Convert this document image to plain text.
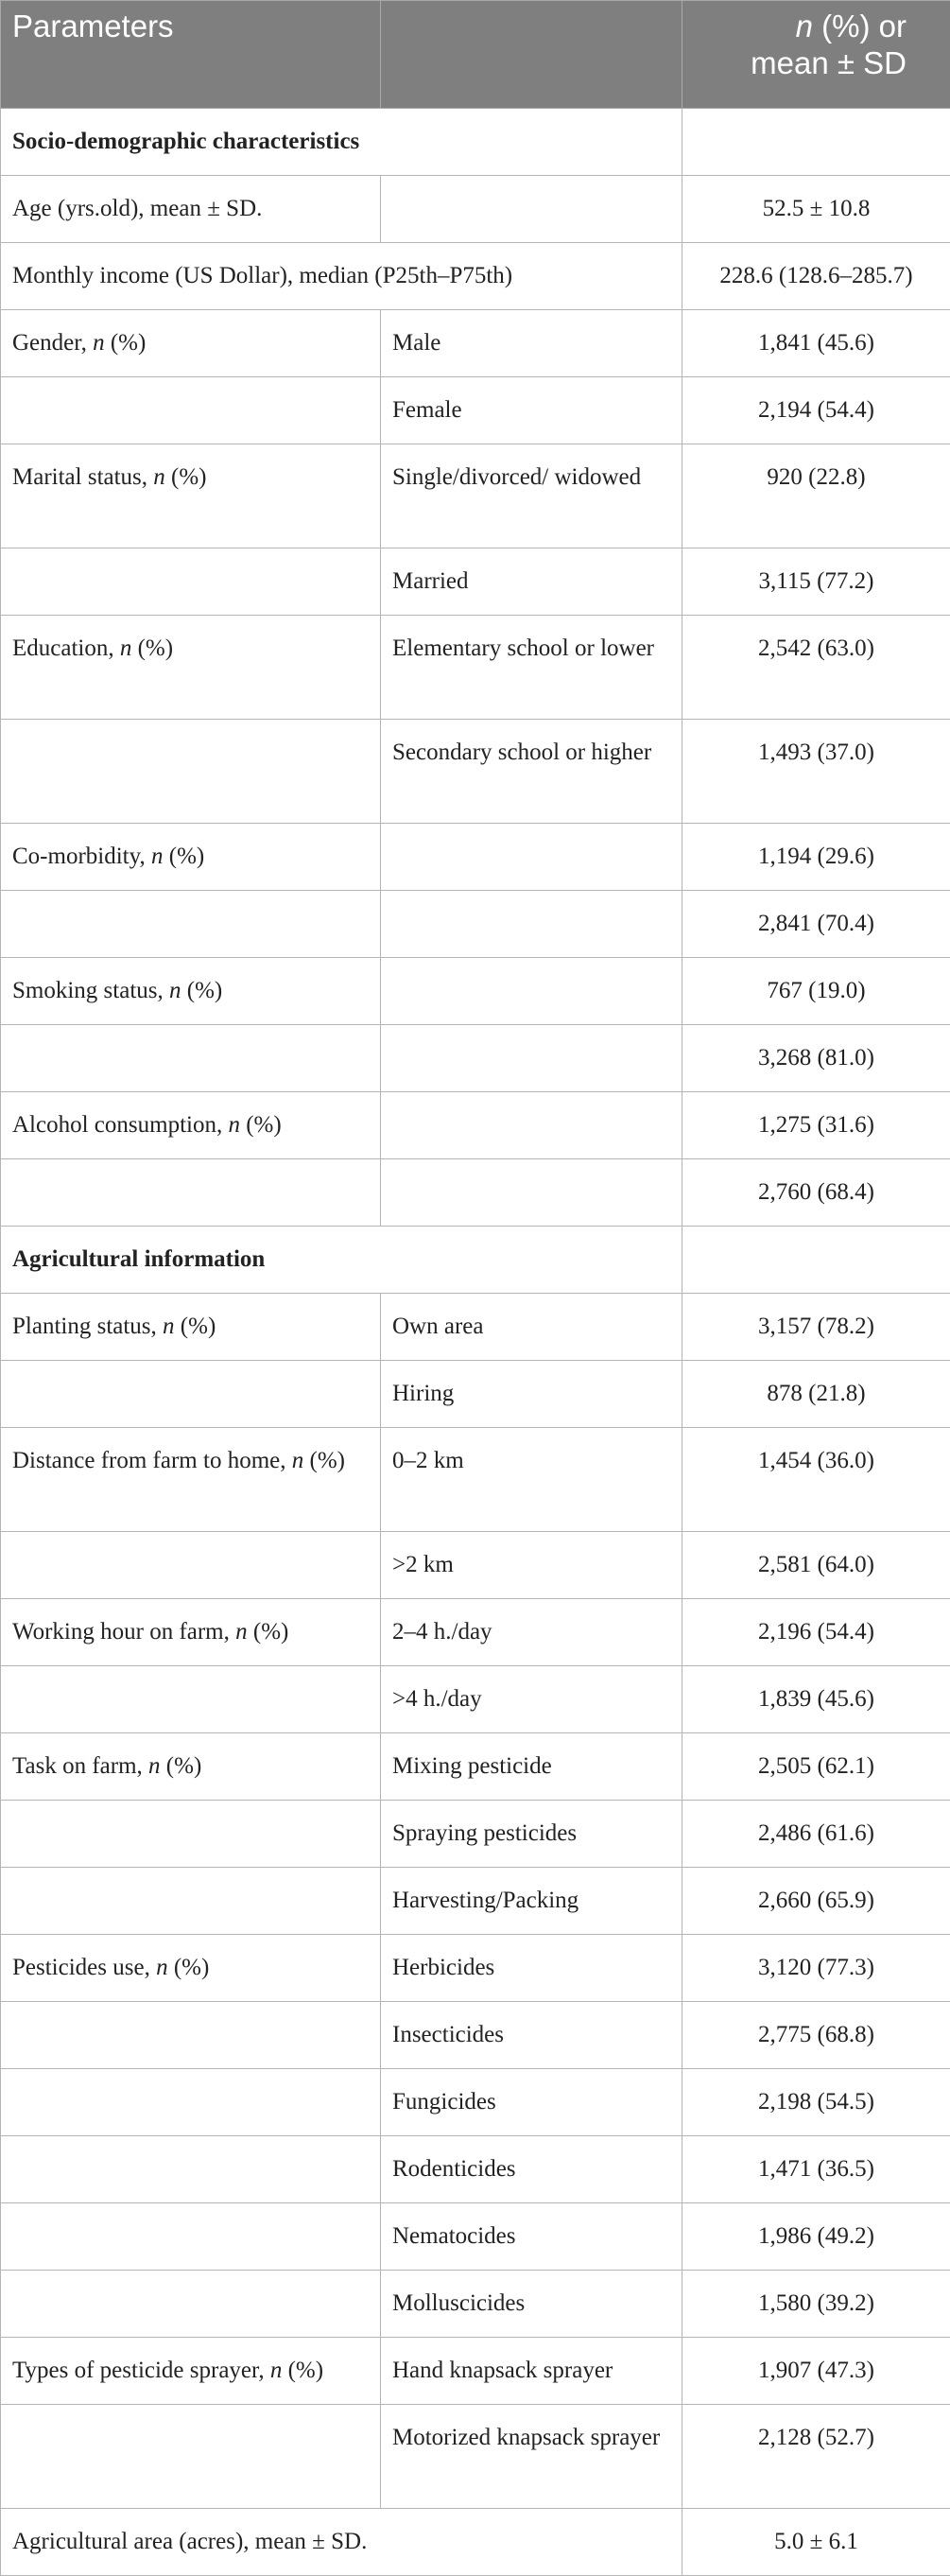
Parameters		n (%) or
mean ± SD
Socio-demographic characteristics		
Age (yrs.old), mean ± SD.		52.5 ± 10.8
Monthly income (US Dollar), median (P25th–P75th)		228.6 (128.6–285.7)
Gender, n (%)	Male	1,841 (45.6)
	Female	2,194 (54.4)
Marital status, n (%)	Single/divorced/ widowed	920 (22.8)
	Married	3,115 (77.2)
Education, n (%)	Elementary school or lower	2,542 (63.0)
	Secondary school or higher	1,493 (37.0)
Co-morbidity, n (%)		1,194 (29.6)
		2,841 (70.4)
Smoking status, n (%)		767 (19.0)
		3,268 (81.0)
Alcohol consumption, n (%)		1,275 (31.6)
		2,760 (68.4)
Agricultural information		
Planting status, n (%)	Own area	3,157 (78.2)
	Hiring	878 (21.8)
Distance from farm to home, n (%)	0–2 km	1,454 (36.0)
	>2 km	2,581 (64.0)
Working hour on farm, n (%)	2–4 h./day	2,196 (54.4)
	>4 h./day	1,839 (45.6)
Task on farm, n (%)	Mixing pesticide	2,505 (62.1)
	Spraying pesticides	2,486 (61.6)
	Harvesting/Packing	2,660 (65.9)
Pesticides use, n (%)	Herbicides	3,120 (77.3)
	Insecticides	2,775 (68.8)
	Fungicides	2,198 (54.5)
	Rodenticides	1,471 (36.5)
	Nematocides	1,986 (49.2)
	Molluscicides	1,580 (39.2)
Types of pesticide sprayer, n (%)	Hand knapsack sprayer	1,907 (47.3)
	Motorized knapsack sprayer	2,128 (52.7)
Agricultural area (acres), mean ± SD.		5.0 ± 6.1
